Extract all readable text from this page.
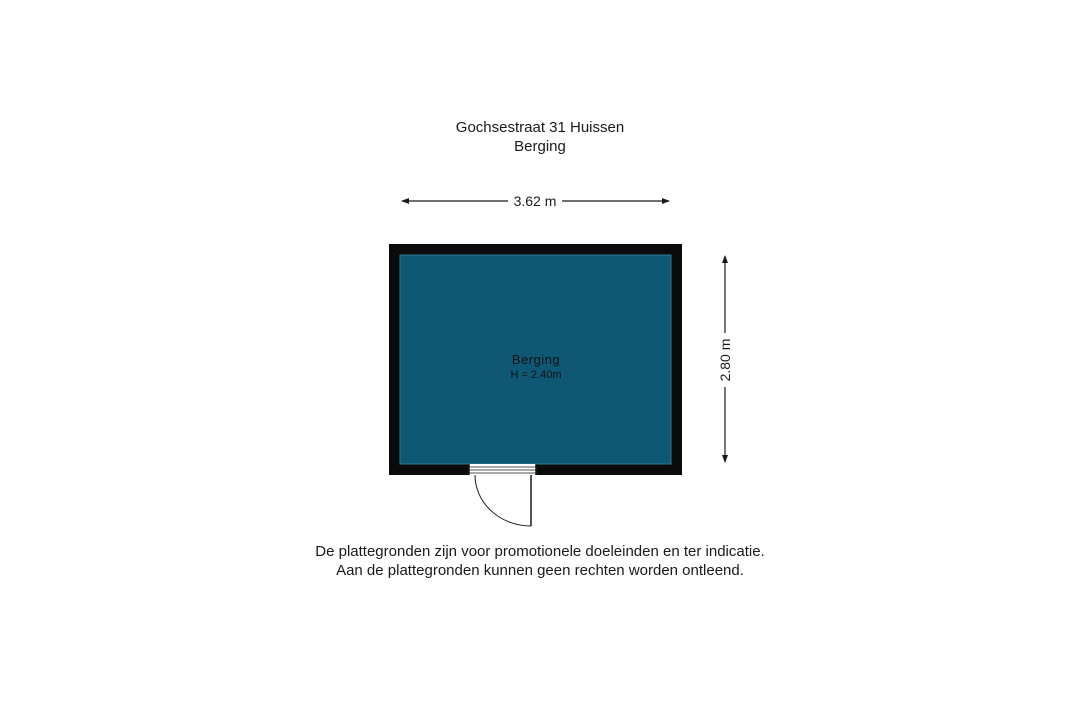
Gochsestraat 31 Huissen
Berging
3.62 m
2.80 m
Berging
H = 2.40m
De plattegronden zijn voor promotionele doeleinden en ter indicatie.
Aan de plattegronden kunnen geen rechten worden ontleend.
